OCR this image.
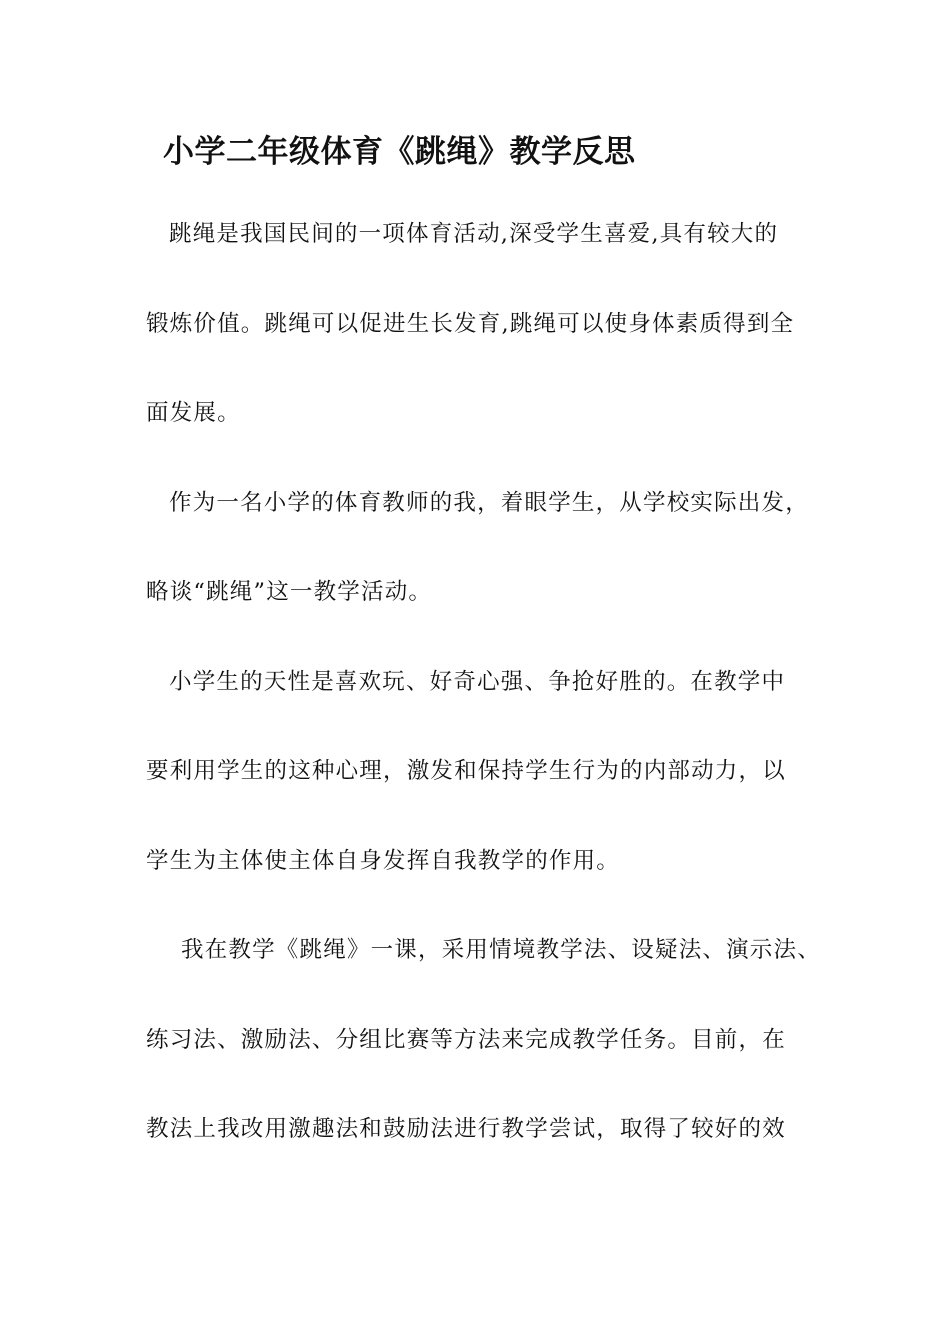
小学二年级体育《跳绳》教学反思

跳绳是我国民间的一项体育活动,深受学生喜爱,具有较大的

锻炼价值。跳绳可以促进生长发育,跳绳可以使身体素质得到全

面发展。

作为一名小学的体育教师的我，着眼学生，从学校实际出发，

略谈“跳绳”这一教学活动。

小学生的天性是喜欢玩、好奇心强、争抢好胜的。在教学中

要利用学生的这种心理，激发和保持学生行为的内部动力，以

学生为主体使主体自身发挥自我教学的作用。

我在教学《跳绳》一课，采用情境教学法、设疑法、演示法、

练习法、激励法、分组比赛等方法来完成教学任务。目前，在

教法上我改用激趣法和鼓励法进行教学尝试，取得了较好的效
